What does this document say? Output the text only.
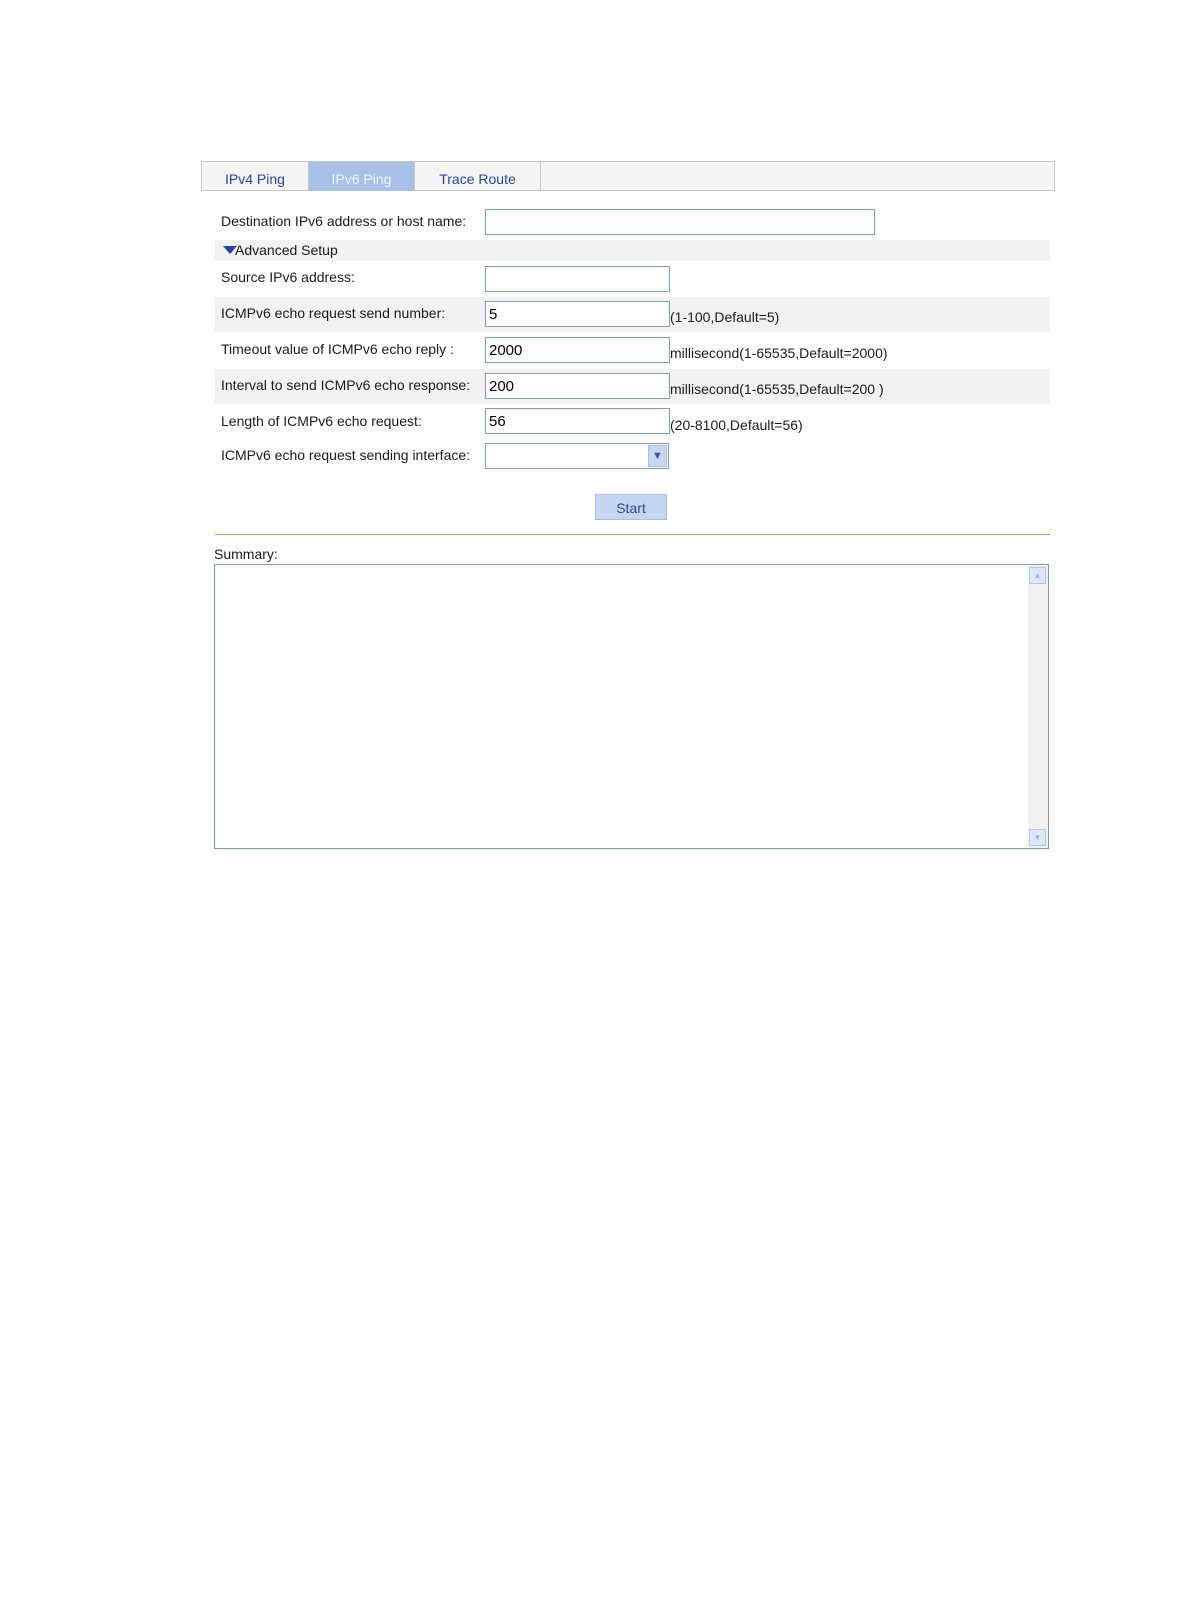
IPv4 Ping	IPv6 Ping	Trace Route
Destination IPv6 address or host name:
Advanced Setup
Source IPv6 address:
ICMPv6 echo request send number:
5	(1-100,Default=5)
Timeout value of ICMPv6 echo reply :
2000	millisecond(1-65535,Default=2000)
Interval to send ICMPv6 echo response:
200	millisecond(1-65535,Default=200 )
Length of ICMPv6 echo request:
56	(20-8100,Default=56)
ICMPv6 echo request sending interface:	▼
Start
Summary:
▲
▼
